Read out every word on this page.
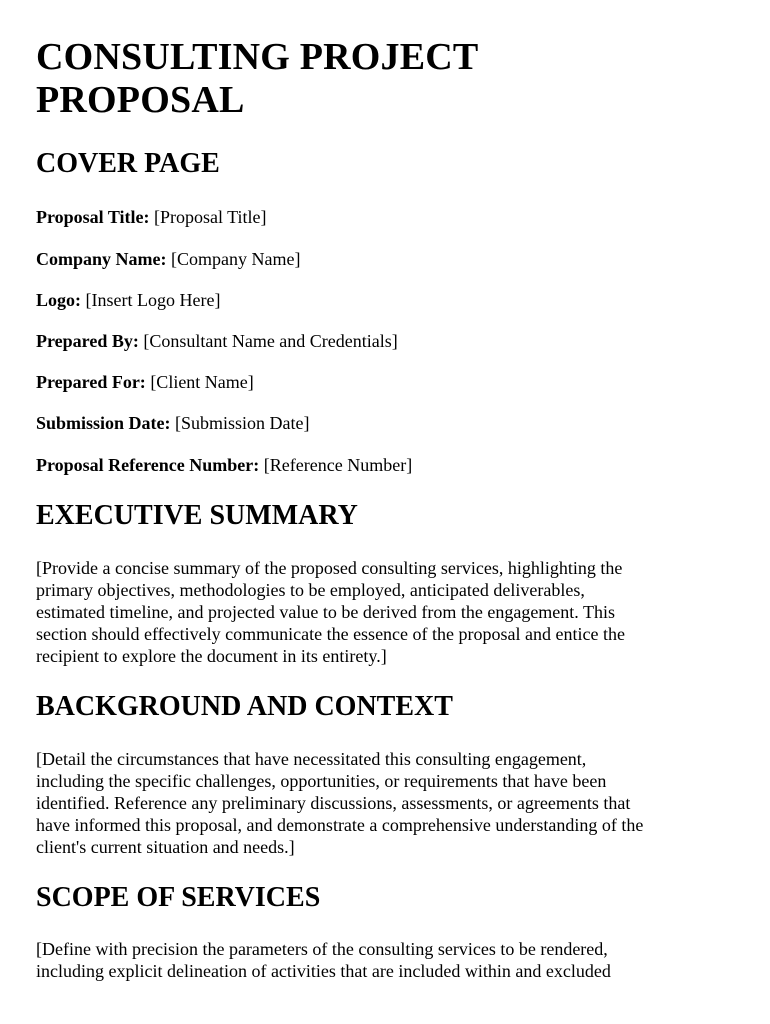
CONSULTING PROJECT
PROPOSAL
COVER PAGE

Proposal Title: [Proposal Title]

Company Name: [Company Name]

Logo: [Insert Logo Here]

Prepared By: [Consultant Name and Credentials]

Prepared For: [Client Name]

Submission Date: [Submission Date]

Proposal Reference Number: [Reference Number]

EXECUTIVE SUMMARY
[Provide a concise summary of the proposed consulting services, highlighting the
primary objectives, methodologies to be employed, anticipated deliverables,
estimated timeline, and projected value to be derived from the engagement. This
section should effectively communicate the essence of the proposal and entice the
recipient to explore the document in its entirety.]
BACKGROUND AND CONTEXT
[Detail the circumstances that have necessitated this consulting engagement,
including the specific challenges, opportunities, or requirements that have been
identified. Reference any preliminary discussions, assessments, or agreements that
have informed this proposal, and demonstrate a comprehensive understanding of the
client's current situation and needs.]
SCOPE OF SERVICES
[Define with precision the parameters of the consulting services to be rendered,
including explicit delineation of activities that are included within and excluded
